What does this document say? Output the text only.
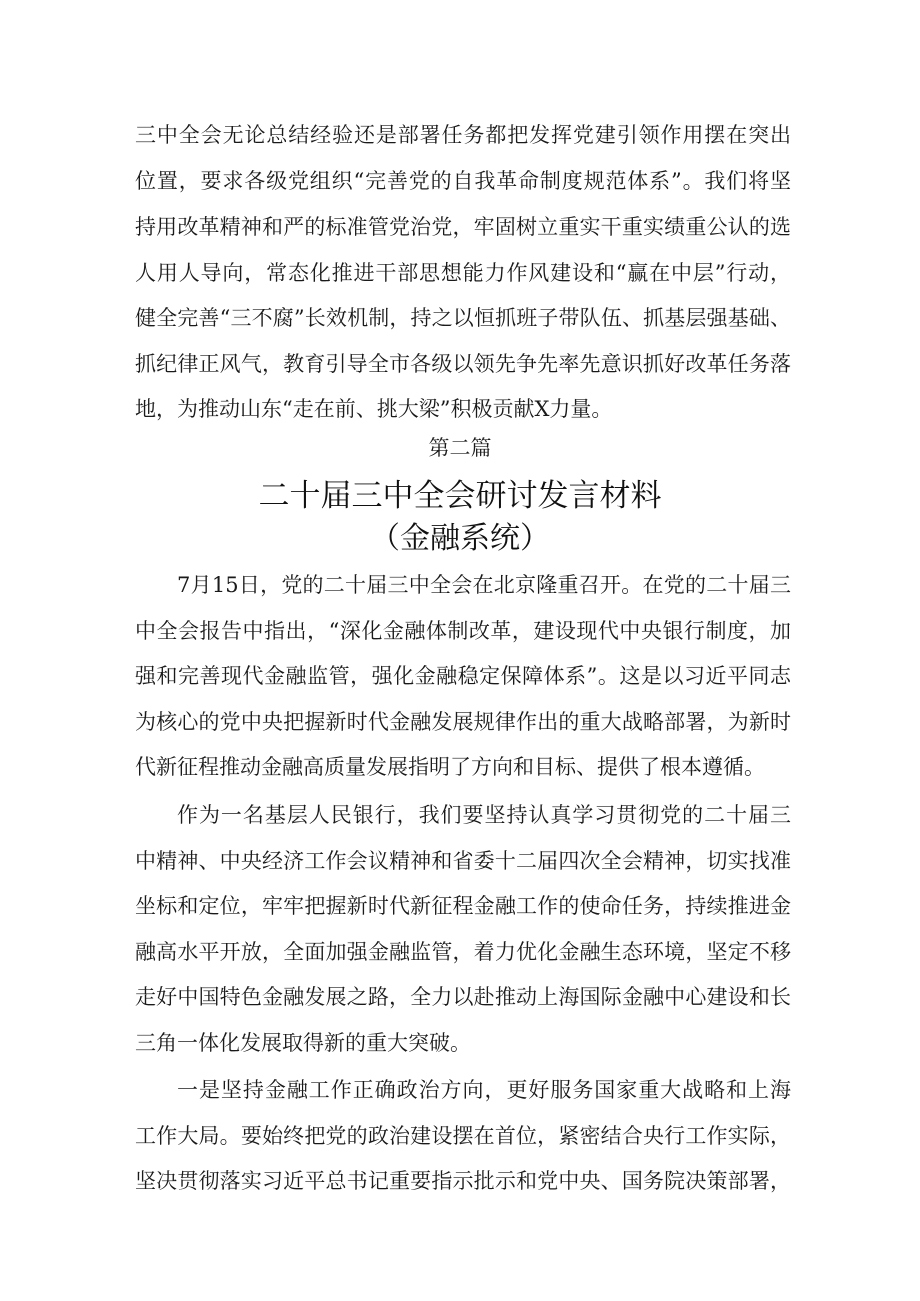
三中全会无论总结经验还是部署任务都把发挥党建引领作用摆在突出
位置，要求各级党组织“完善党的自我革命制度规范体系”。我们将坚
持用改革精神和严的标准管党治党，牢固树立重实干重实绩重公认的选
人用人导向，常态化推进干部思想能力作风建设和“赢在中层”行动，
健全完善“三不腐”长效机制，持之以恒抓班子带队伍、抓基层强基础、
抓纪律正风气，教育引导全市各级以领先争先率先意识抓好改革任务落
地，为推动山东“走在前、挑大梁”积极贡献X力量。
第二篇
二十届三中全会研讨发言材料
（金融系统）
7月15日，党的二十届三中全会在北京隆重召开。在党的二十届三
中全会报告中指出，“深化金融体制改革，建设现代中央银行制度，加
强和完善现代金融监管，强化金融稳定保障体系”。这是以习近平同志
为核心的党中央把握新时代金融发展规律作出的重大战略部署，为新时
代新征程推动金融高质量发展指明了方向和目标、提供了根本遵循。
作为一名基层人民银行，我们要坚持认真学习贯彻党的二十届三
中精神、中央经济工作会议精神和省委十二届四次全会精神，切实找准
坐标和定位，牢牢把握新时代新征程金融工作的使命任务，持续推进金
融高水平开放，全面加强金融监管，着力优化金融生态环境，坚定不移
走好中国特色金融发展之路，全力以赴推动上海国际金融中心建设和长
三角一体化发展取得新的重大突破。
一是坚持金融工作正确政治方向，更好服务国家重大战略和上海
工作大局。要始终把党的政治建设摆在首位，紧密结合央行工作实际，
坚决贯彻落实习近平总书记重要指示批示和党中央、国务院决策部署，
